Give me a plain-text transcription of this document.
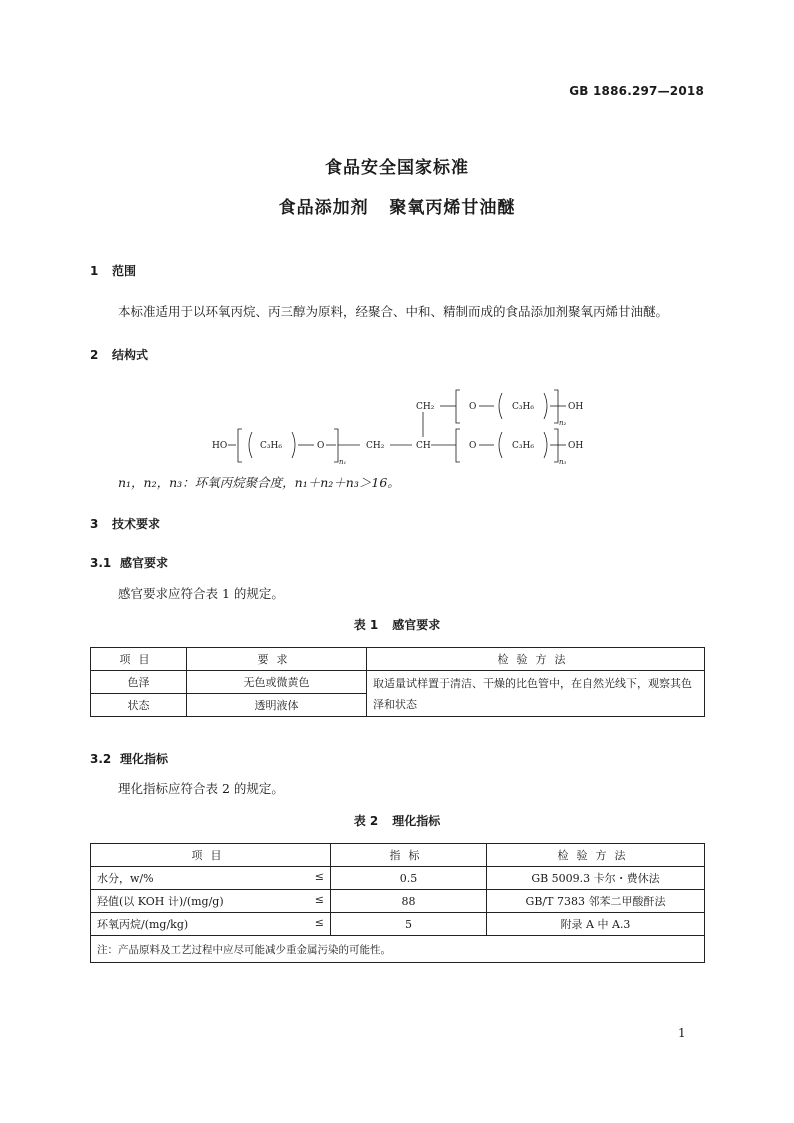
GB 1886.297—2018
食品安全国家标准
食品添加剂   聚氧丙烯甘油醚
1 范围
本标准适用于以环氧丙烷、丙三醇为原料，经聚合、中和、精制而成的食品添加剂聚氧丙烯甘油醚。
2 结构式
HO	C₃H₆	O
n₁
CH₂	CH	O	C₃H₆
n₃
OH
CH₂	O	C₃H₆
n₂
OH
n₁，n₂，n₃：环氧丙烷聚合度，n₁＋n₂＋n₃＞16。
3 技术要求
3.1 感官要求
感官要求应符合表 1 的规定。
表 1 感官要求
项目	要求	检验方法
色泽	无色或微黄色	取适量试样置于清洁、干燥的比色管中，在自然光线下，观察其色泽和状态
状态	透明液体	
3.2 理化指标
理化指标应符合表 2 的规定。
表 2 理化指标
项目	指标	检验方法
水分，w/% ≤	0.5	GB 5009.3 卡尔・费休法
羟值(以 KOH 计)/(mg/g) ≤	88	GB/T 7383 邻苯二甲酸酐法
环氧丙烷/(mg/kg) ≤	5	附录 A 中 A.3
注：产品原料及工艺过程中应尽可能减少重金属污染的可能性。		
1
